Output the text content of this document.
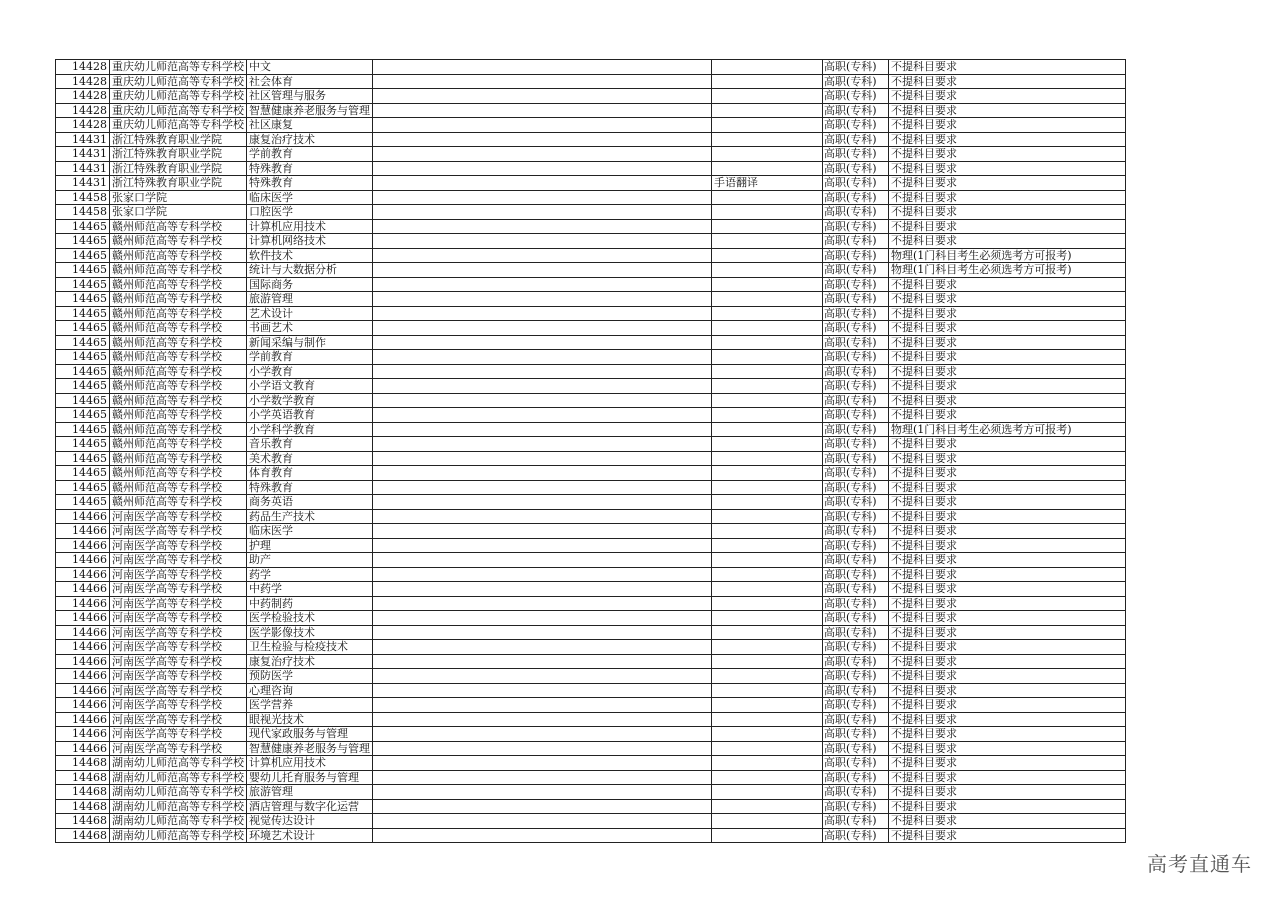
14428	重庆幼儿师范高等专科学校	中文			高职(专科)	不提科目要求
14428	重庆幼儿师范高等专科学校	社会体育			高职(专科)	不提科目要求
14428	重庆幼儿师范高等专科学校	社区管理与服务			高职(专科)	不提科目要求
14428	重庆幼儿师范高等专科学校	智慧健康养老服务与管理			高职(专科)	不提科目要求
14428	重庆幼儿师范高等专科学校	社区康复			高职(专科)	不提科目要求
14431	浙江特殊教育职业学院	康复治疗技术			高职(专科)	不提科目要求
14431	浙江特殊教育职业学院	学前教育			高职(专科)	不提科目要求
14431	浙江特殊教育职业学院	特殊教育			高职(专科)	不提科目要求
14431	浙江特殊教育职业学院	特殊教育		手语翻译	高职(专科)	不提科目要求
14458	张家口学院	临床医学			高职(专科)	不提科目要求
14458	张家口学院	口腔医学			高职(专科)	不提科目要求
14465	赣州师范高等专科学校	计算机应用技术			高职(专科)	不提科目要求
14465	赣州师范高等专科学校	计算机网络技术			高职(专科)	不提科目要求
14465	赣州师范高等专科学校	软件技术			高职(专科)	物理(1门科目考生必须选考方可报考)
14465	赣州师范高等专科学校	统计与大数据分析			高职(专科)	物理(1门科目考生必须选考方可报考)
14465	赣州师范高等专科学校	国际商务			高职(专科)	不提科目要求
14465	赣州师范高等专科学校	旅游管理			高职(专科)	不提科目要求
14465	赣州师范高等专科学校	艺术设计			高职(专科)	不提科目要求
14465	赣州师范高等专科学校	书画艺术			高职(专科)	不提科目要求
14465	赣州师范高等专科学校	新闻采编与制作			高职(专科)	不提科目要求
14465	赣州师范高等专科学校	学前教育			高职(专科)	不提科目要求
14465	赣州师范高等专科学校	小学教育			高职(专科)	不提科目要求
14465	赣州师范高等专科学校	小学语文教育			高职(专科)	不提科目要求
14465	赣州师范高等专科学校	小学数学教育			高职(专科)	不提科目要求
14465	赣州师范高等专科学校	小学英语教育			高职(专科)	不提科目要求
14465	赣州师范高等专科学校	小学科学教育			高职(专科)	物理(1门科目考生必须选考方可报考)
14465	赣州师范高等专科学校	音乐教育			高职(专科)	不提科目要求
14465	赣州师范高等专科学校	美术教育			高职(专科)	不提科目要求
14465	赣州师范高等专科学校	体育教育			高职(专科)	不提科目要求
14465	赣州师范高等专科学校	特殊教育			高职(专科)	不提科目要求
14465	赣州师范高等专科学校	商务英语			高职(专科)	不提科目要求
14466	河南医学高等专科学校	药品生产技术			高职(专科)	不提科目要求
14466	河南医学高等专科学校	临床医学			高职(专科)	不提科目要求
14466	河南医学高等专科学校	护理			高职(专科)	不提科目要求
14466	河南医学高等专科学校	助产			高职(专科)	不提科目要求
14466	河南医学高等专科学校	药学			高职(专科)	不提科目要求
14466	河南医学高等专科学校	中药学			高职(专科)	不提科目要求
14466	河南医学高等专科学校	中药制药			高职(专科)	不提科目要求
14466	河南医学高等专科学校	医学检验技术			高职(专科)	不提科目要求
14466	河南医学高等专科学校	医学影像技术			高职(专科)	不提科目要求
14466	河南医学高等专科学校	卫生检验与检疫技术			高职(专科)	不提科目要求
14466	河南医学高等专科学校	康复治疗技术			高职(专科)	不提科目要求
14466	河南医学高等专科学校	预防医学			高职(专科)	不提科目要求
14466	河南医学高等专科学校	心理咨询			高职(专科)	不提科目要求
14466	河南医学高等专科学校	医学营养			高职(专科)	不提科目要求
14466	河南医学高等专科学校	眼视光技术			高职(专科)	不提科目要求
14466	河南医学高等专科学校	现代家政服务与管理			高职(专科)	不提科目要求
14466	河南医学高等专科学校	智慧健康养老服务与管理			高职(专科)	不提科目要求
14468	湖南幼儿师范高等专科学校	计算机应用技术			高职(专科)	不提科目要求
14468	湖南幼儿师范高等专科学校	婴幼儿托育服务与管理			高职(专科)	不提科目要求
14468	湖南幼儿师范高等专科学校	旅游管理			高职(专科)	不提科目要求
14468	湖南幼儿师范高等专科学校	酒店管理与数字化运营			高职(专科)	不提科目要求
14468	湖南幼儿师范高等专科学校	视觉传达设计			高职(专科)	不提科目要求
14468	湖南幼儿师范高等专科学校	环境艺术设计			高职(专科)	不提科目要求
高考直通车
